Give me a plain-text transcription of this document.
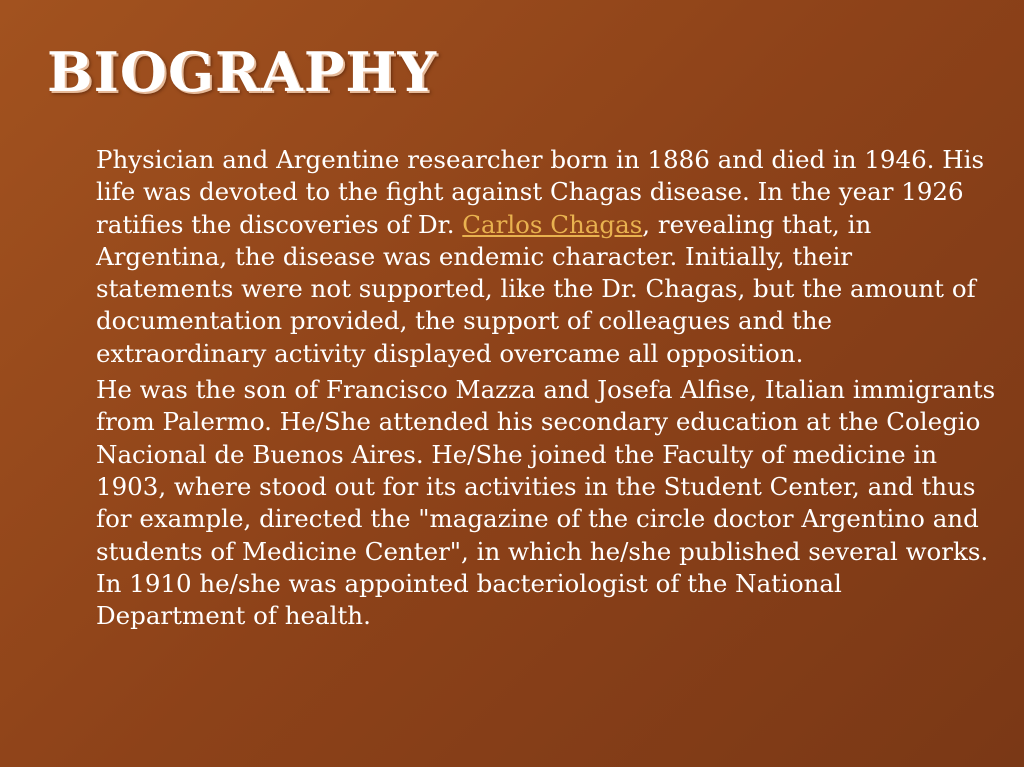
BIOGRAPHY

Physician and Argentine researcher born in 1886 and died in 1946. His life was devoted to the fight against Chagas disease. In the year 1926 ratifies the discoveries of Dr. Carlos Chagas, revealing that, in Argentina, the disease was endemic character. Initially, their statements were not supported, like the Dr. Chagas, but the amount of documentation provided, the support of colleagues and the extraordinary activity displayed overcame all opposition.

He was the son of Francisco Mazza and Josefa Alfise, Italian immigrants from Palermo. He/She attended his secondary education at the Colegio Nacional de Buenos Aires. He/She joined the Faculty of medicine in 1903, where stood out for its activities in the Student Center, and thus for example, directed the "magazine of the circle doctor Argentino and students of Medicine Center", in which he/she published several works. In 1910 he/she was appointed bacteriologist of the National Department of health.
